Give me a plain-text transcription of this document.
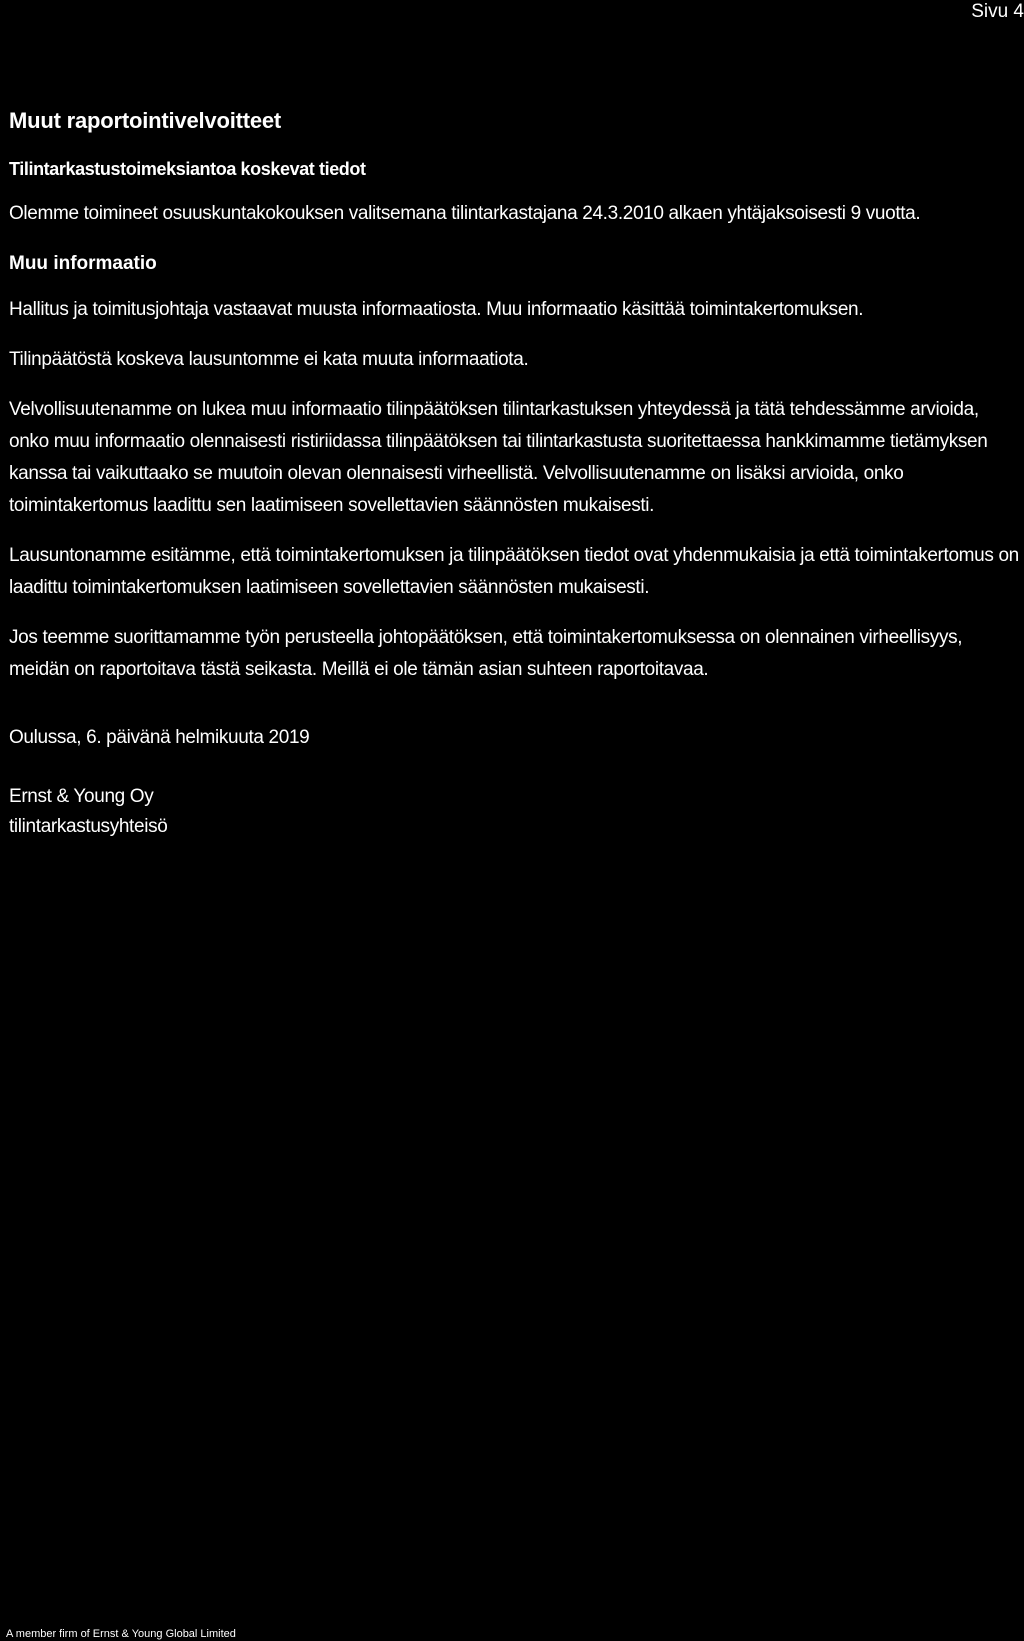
Sivu 4
Muut raportointivelvoitteet
Tilintarkastustoimeksiantoa koskevat tiedot

Olemme toimineet osuuskuntakokouksen valitsemana tilintarkastajana 24.3.2010 alkaen yhtäjaksoisesti 9 vuotta.

Muu informaatio

Hallitus ja toimitusjohtaja vastaavat muusta informaatiosta. Muu informaatio käsittää toimintakertomuksen.

Tilinpäätöstä koskeva lausuntomme ei kata muuta informaatiota.

Velvollisuutenamme on lukea muu informaatio tilinpäätöksen tilintarkastuksen yhteydessä ja tätä tehdessämme arvioida, onko muu informaatio olennaisesti ristiriidassa tilinpäätöksen tai tilintarkastusta suoritettaessa hankkimamme tietämyksen kanssa tai vaikuttaako se muutoin olevan olennaisesti virheellistä. Velvollisuutenamme on lisäksi arvioida, onko toimintakertomus laadittu sen laatimiseen sovellettavien säännösten mukaisesti.

Lausuntonamme esitämme, että toimintakertomuksen ja tilinpäätöksen tiedot ovat yhdenmukaisia ja että toimintakertomus on laadittu toimintakertomuksen laatimiseen sovellettavien säännösten mukaisesti.

Jos teemme suorittamamme työn perusteella johtopäätöksen, että toimintakertomuksessa on olennainen virheellisyys, meidän on raportoitava tästä seikasta. Meillä ei ole tämän asian suhteen raportoitavaa.

Oulussa, 6. päivänä helmikuuta 2019

Ernst & Young Oy
tilintarkastusyhteisö
A member firm of Ernst & Young Global Limited
